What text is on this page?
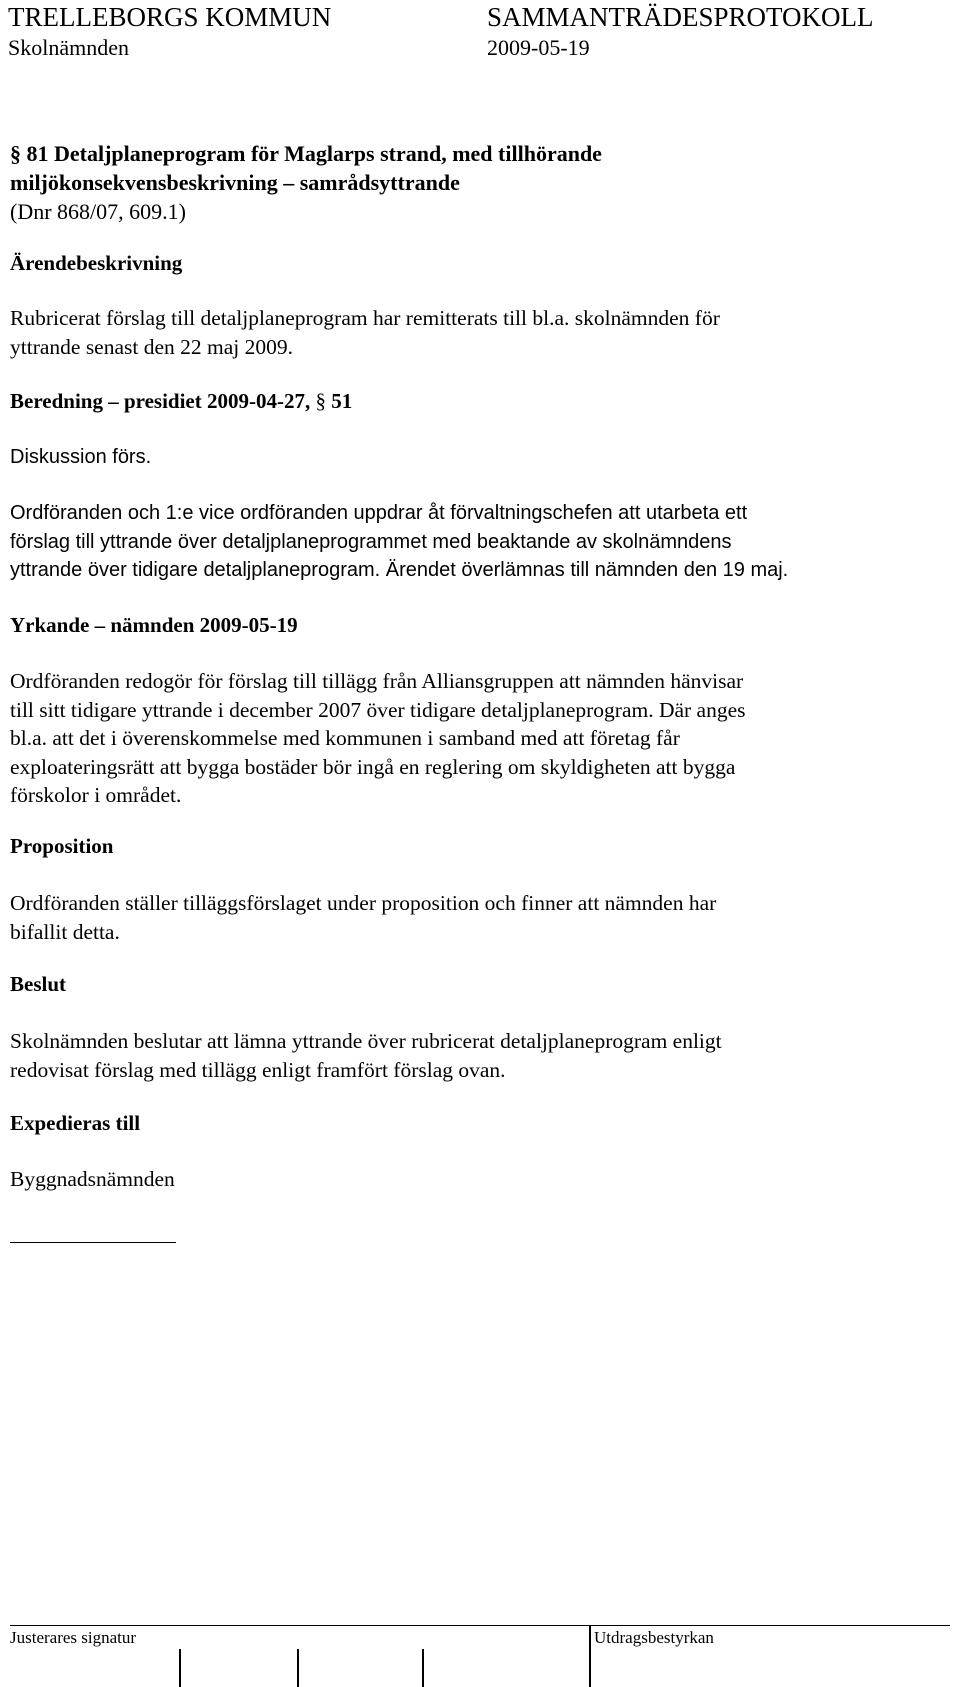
TRELLEBORGS KOMMUN	SAMMANTRÄDESPROTOKOLL
Skolnämnden	2009-05-19
§ 81 Detaljplaneprogram för Maglarps strand, med tillhörande
miljökonsekvensbeskrivning – samrådsyttrande
(Dnr 868/07, 609.1)
Ärendebeskrivning
Rubricerat förslag till detaljplaneprogram har remitterats till bl.a. skolnämnden för
yttrande senast den 22 maj 2009.
Beredning – presidiet 2009-04-27, § 51
Diskussion förs.
Ordföranden och 1:e vice ordföranden uppdrar åt förvaltningschefen att utarbeta ett
förslag till yttrande över detaljplaneprogrammet med beaktande av skolnämndens
yttrande över tidigare detaljplaneprogram. Ärendet överlämnas till nämnden den 19 maj.
Yrkande – nämnden 2009-05-19
Ordföranden redogör för förslag till tillägg från Alliansgruppen att nämnden hänvisar
till sitt tidigare yttrande i december 2007 över tidigare detaljplaneprogram. Där anges
bl.a. att det i överenskommelse med kommunen i samband med att företag får
exploateringsrätt att bygga bostäder bör ingå en reglering om skyldigheten att bygga
förskolor i området.
Proposition
Ordföranden ställer tilläggsförslaget under proposition och finner att nämnden har
bifallit detta.
Beslut
Skolnämnden beslutar att lämna yttrande över rubricerat detaljplaneprogram enligt
redovisat förslag med tillägg enligt framfört förslag ovan.
Expedieras till
Byggnadsnämnden
Justerares signatur	Utdragsbestyrkan
